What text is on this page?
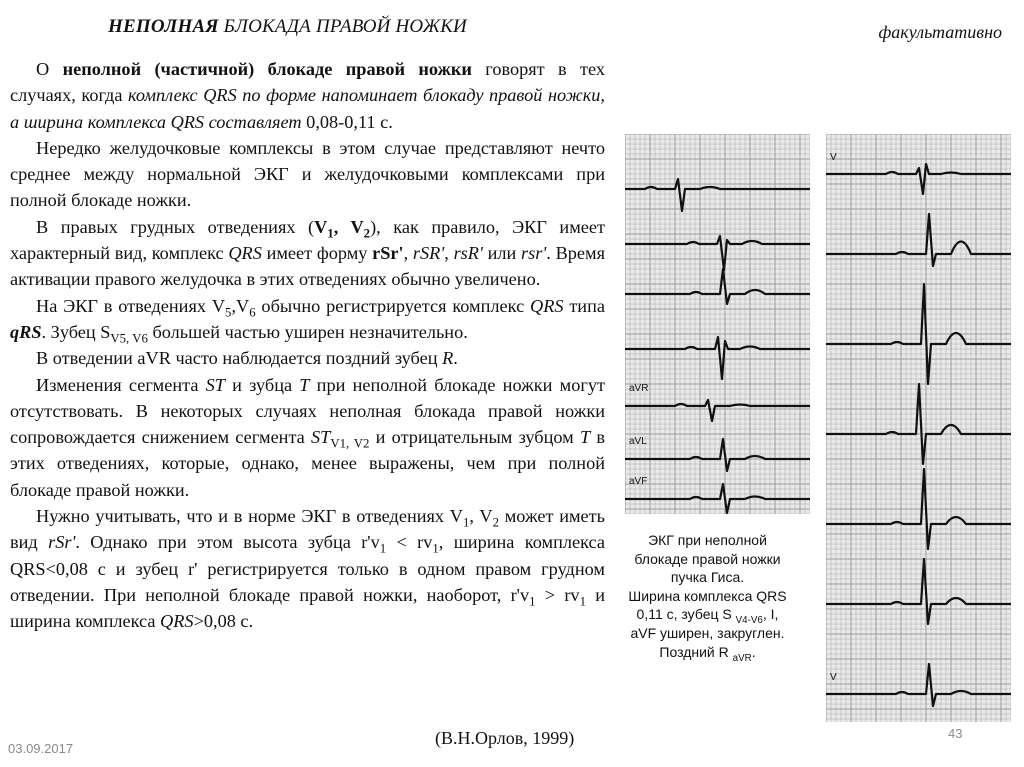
НЕПОЛНАЯ БЛОКАДА ПРАВОЙ НОЖКИ	факультативно

О неполной (частичной) блокаде правой ножки говорят в тех случаях, когда комплекс QRS по форме напоминает блокаду правой ножки, а ширина комплекса QRS составляет 0,08-0,11 с.

Нередко желудочковые комплексы в этом случае представляют нечто среднее между нормальной ЭКГ и желудочковыми комплексами при полной блокаде ножки.

В правых грудных отведениях ($V_1$, $V_2$), как правило, ЭКГ имеет характерный вид, комплекс QRS имеет форму rSr', rSR', rsR' или rsr'. Время активации правого желудочка в этих отведениях обычно увеличено.

На ЭКГ в отведениях $V_5,V_6$ обычно регистрируется комплекс QRS типа qRS. Зубец $S_{V5, V6}$ большей частью уширен незначительно.

В отведении aVR часто наблюдается поздний зубец R.

Изменения сегмента ST и зубца T при неполной блокаде ножки могут отсутствовать. В некоторых случаях неполная блокада правой ножки сопровождается снижением сегмента $ST_{V1, V2}$ и отрицательным зубцом T в этих отведениях, которые, однако, менее выражены, чем при полной блокаде правой ножки.

Нужно учитывать, что и в норме ЭКГ в отведениях $V_1$, $V_2$ может иметь вид rSr'. Однако при этом высота зубца $r'v_1 < rv_1$, ширина комплекса QRS<0,08 с и зубец r' регистрируется только в одном правом грудном отведении. При неполной блокаде правой ножки, наоборот, $r'v_1 > rv_1$ и ширина комплекса QRS>0,08 с.

(В.Н.Орлов, 1999)
aVR
aVL
aVF
V
V
ЭКГ при неполной
блокаде правой ножки
пучка Гиса.
Ширина комплекса QRS
0,11 с, зубец S $_{V4-V6}$, I,
aVF уширен, закруглен.
Поздний R $_{aVR}$.
03.09.2017
43
